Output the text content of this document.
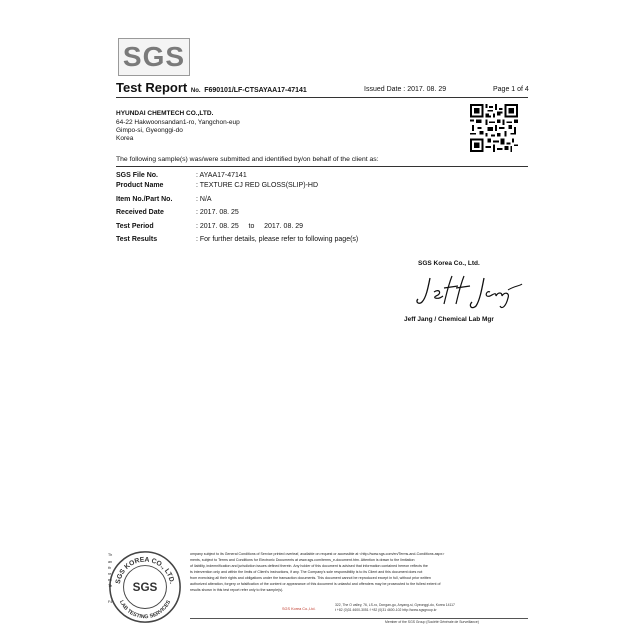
SGS
Test Report No. F690101/LF-CTSAYAA17-47141	Issued Date : 2017. 08. 29	Page 1 of 4
HYUNDAI CHEMTECH CO.,LTD.
64-22 Hakwoonsandan1-ro, Yangchon-eup
Gimpo-si, Gyeonggi-do
Korea
The following sample(s) was/were submitted and identified by/on behalf of the client as:
SGS File No.	: AYAA17-47141
Product Name	: TEXTURE CJ RED GLOSS(SLIP)-HD
Item No./Part No.	: N/A
Received Date	: 2017. 08. 25
Test Period	: 2017. 08. 25     to     2017. 08. 29
Test Results	: For further details, please refer to following page(s)
SGS Korea Co., Ltd.
Jeff Jang / Chemical Lab Mgr
SGS KOREA CO., LTD.
SGS
LAB TESTING SERVICES
Th
an
th
re
ex
Th
F4
ompany subject to its General Conditions of Service printed overleaf, available on request or accessible at <http://www.sgs.com/en/Terms-and-Conditions.aspx>
ments, subject to Terms and Conditions for Electronic Documents at www.sgs.com/terms_e-document.htm. Attention is drawn to the limitation
of liability, indemnification and jurisdiction issues defined therein. Any holder of this document is advised that information contained hereon reflects the
ts intervention only and within the limits of Client's instructions, if any. The Company's sole responsibility is to its Client and this document does not
from exercising all their rights and obligations under the transaction documents. This document cannot be reproduced except in full, without prior written
authorized alteration, forgery or falsification of the content or appearance of this document is unlawful and offenders may be prosecuted to the fullest extent of
results shown in this test report refer only to the sample(s).
SGS Korea Co.,Ltd.
322, The O valley, 76, LS-ro, Dongan-gu, Anyang-si, Gyeonggi-do, Korea 14117
t +82 (0)31 4600-3051 f +82 (0)31 4600-102 http://www.sgsgroup.kr
Member of the SGS Group (Société Générale de Surveillance)
